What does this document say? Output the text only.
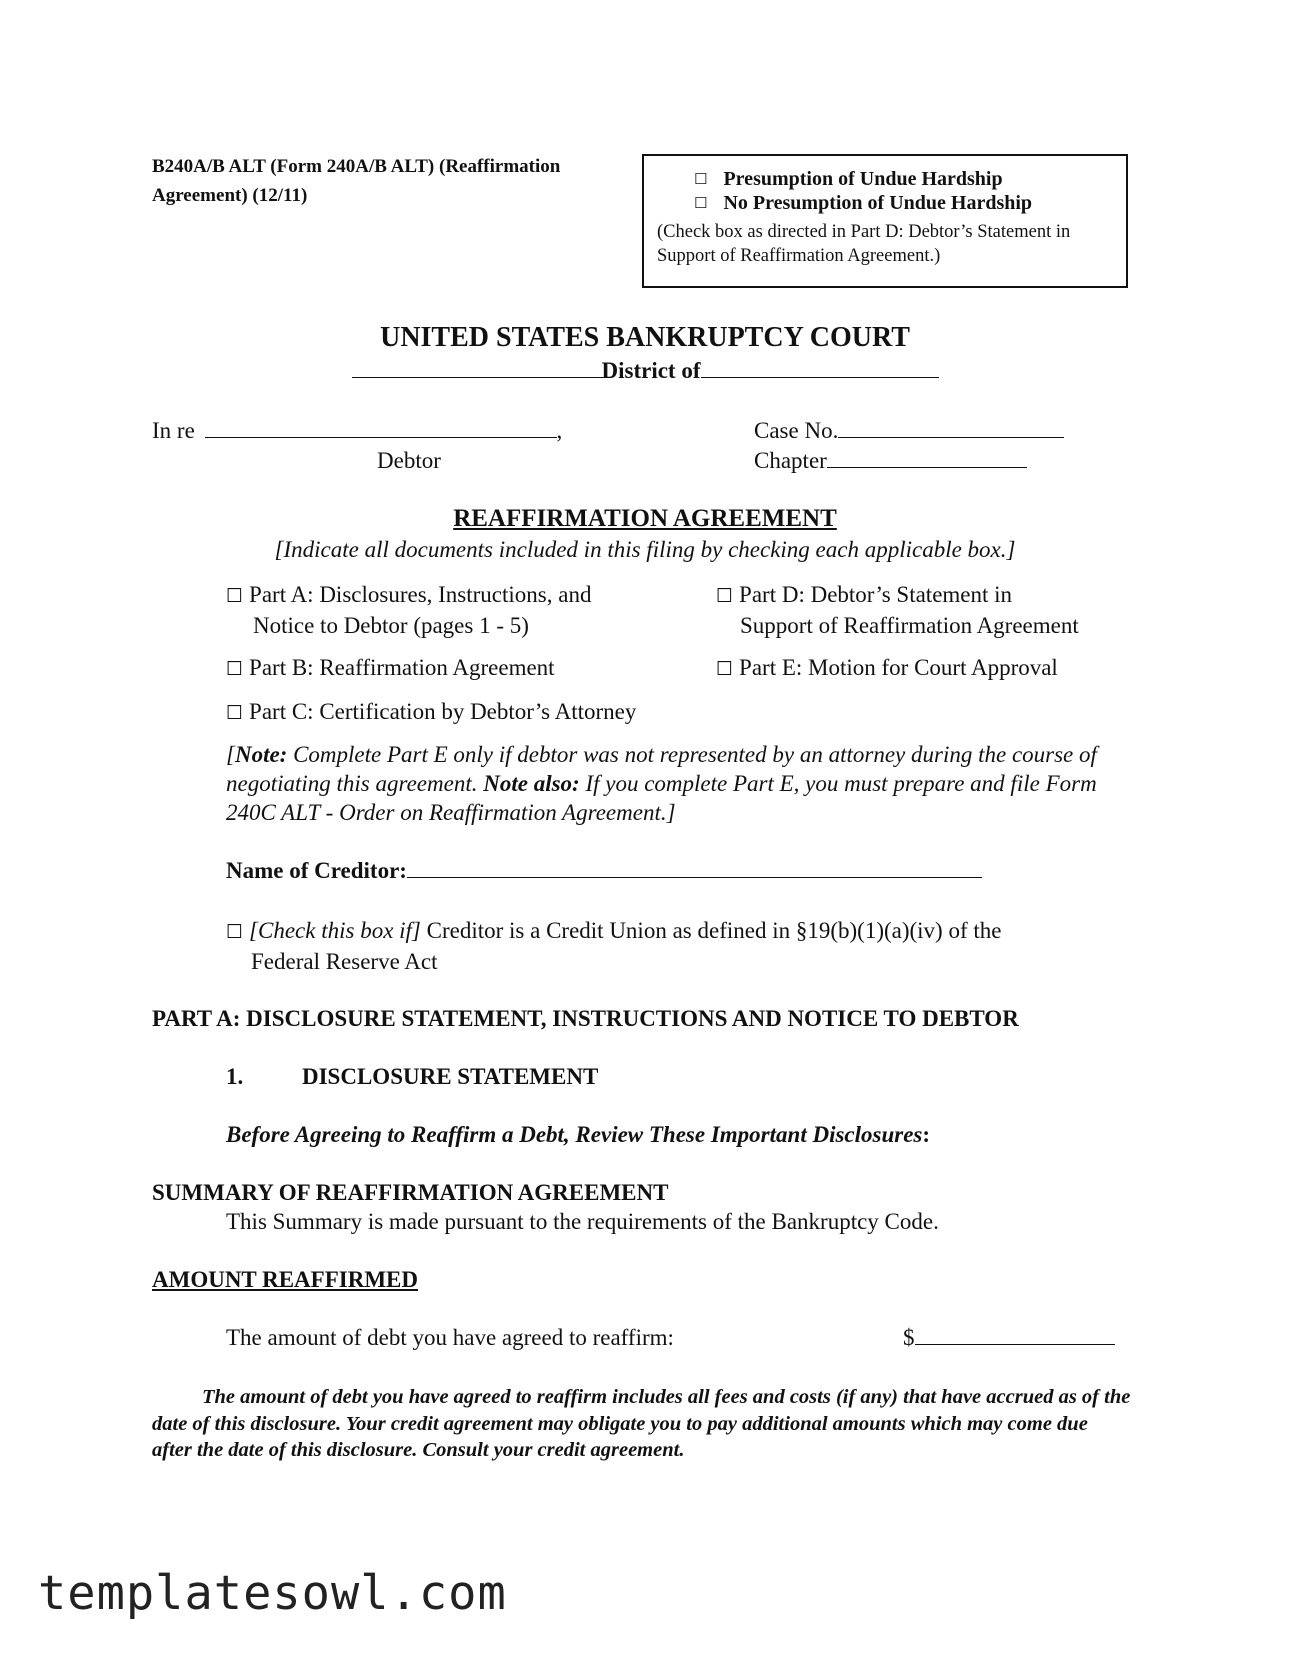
B240A/B ALT (Form 240A/B ALT) (Reaffirmation Agreement) (12/11)
☐ Presumption of Undue Hardship
☐ No Presumption of Undue Hardship
(Check box as directed in Part D: Debtor’s Statement in Support of Reaffirmation Agreement.)
UNITED STATES BANKRUPTCY COURT
District of
In re	,
Debtor
Case No.
Chapter
REAFFIRMATION AGREEMENT
[Indicate all documents included in this filing by checking each applicable box.]
☐ Part A: Disclosures, Instructions, and
Notice to Debtor (pages 1 - 5)
☐ Part D: Debtor’s Statement in
Support of Reaffirmation Agreement
☐ Part B: Reaffirmation Agreement	☐ Part E: Motion for Court Approval
☐ Part C: Certification by Debtor’s Attorney
[Note: Complete Part E only if debtor was not represented by an attorney during the course of negotiating this agreement. Note also: If you complete Part E, you must prepare and file Form 240C ALT - Order on Reaffirmation Agreement.]
Name of Creditor:
☐ [Check this box if] Creditor is a Credit Union as defined in §19(b)(1)(a)(iv) of the
Federal Reserve Act
PART A: DISCLOSURE STATEMENT, INSTRUCTIONS AND NOTICE TO DEBTOR
1.	DISCLOSURE STATEMENT
Before Agreeing to Reaffirm a Debt, Review These Important Disclosures:
SUMMARY OF REAFFIRMATION AGREEMENT
This Summary is made pursuant to the requirements of the Bankruptcy Code.
AMOUNT REAFFIRMED
The amount of debt you have agreed to reaffirm:	$
The amount of debt you have agreed to reaffirm includes all fees and costs (if any) that have accrued as of the date of this disclosure. Your credit agreement may obligate you to pay additional amounts which may come due after the date of this disclosure. Consult your credit agreement.
templatesowl.com
